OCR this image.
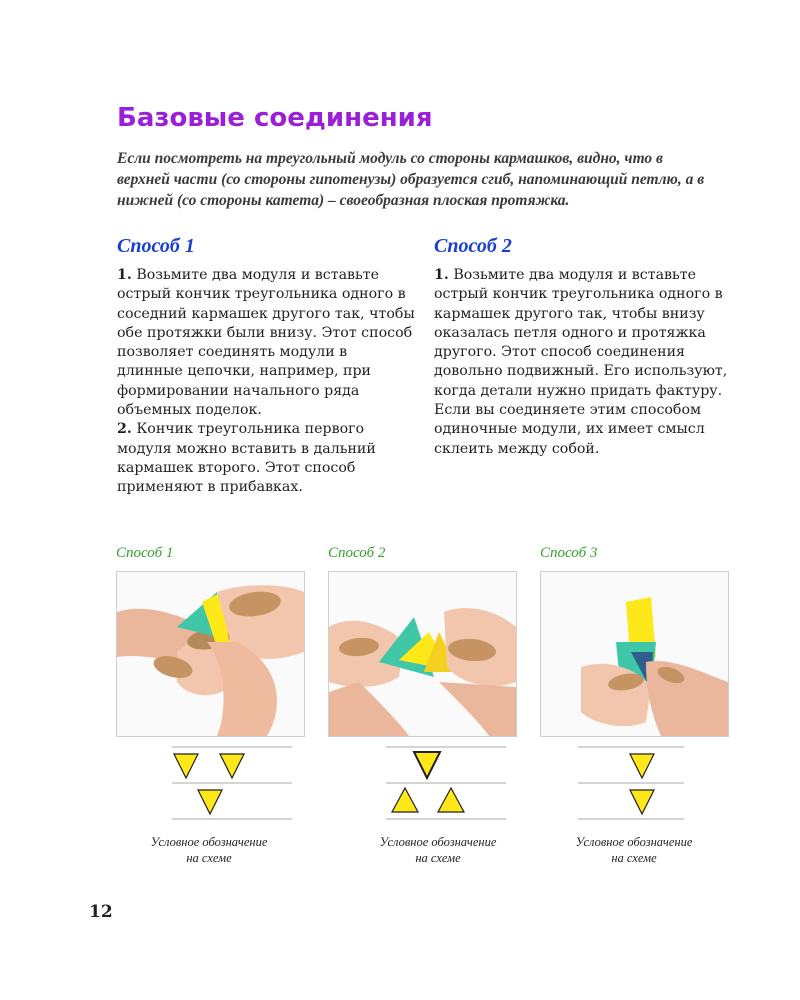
Базовые соединения

Если посмотреть на треугольный модуль со стороны кармашков, видно, что в верхней части (со стороны гипотенузы) образуется сгиб, напоминающий петлю, а в нижней (со стороны катета) – своеобразная плоская протяжка.

Способ 1

1. Возьмите два модуля и вставьте острый кончик треугольника одного в соседний кармашек другого так, чтобы обе протяжки были внизу. Этот способ позволяет соединять модули в длинные цепочки, например, при формировании начального ряда объемных поделок.

2. Кончик треугольника первого модуля можно вставить в дальний кармашек второго. Этот способ применяют в прибавках.

Способ 2

1. Возьмите два модуля и вставьте острый кончик треугольника одного в кармашек другого так, чтобы внизу оказалась петля одного и протяжка другого. Этот способ соединения довольно подвижный. Его используют, когда детали нужно придать фактуру. Если вы соединяете этим способом одиночные модули, их имеет смысл склеить между собой.

Способ 1	Способ 2	Способ 3

Условное обозначение
на схеме

Условное обозначение
на схеме

Условное обозначение
на схеме

12
